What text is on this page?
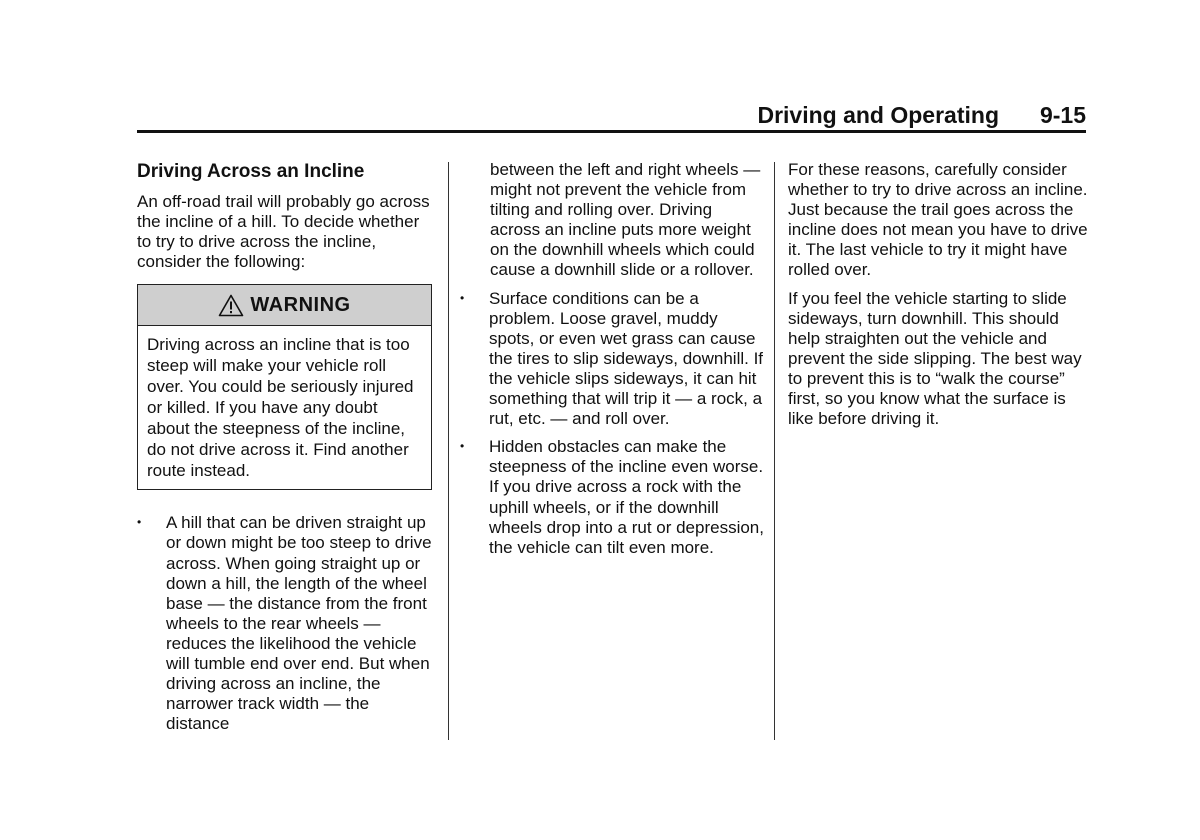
Driving and Operating 9-15
Driving Across an Incline

An off-road trail will probably go across the incline of a hill. To decide whether to try to drive across the incline, consider the following:

WARNING
Driving across an incline that is too steep will make your vehicle roll over. You could be seriously injured or killed. If you have any doubt about the steepness of the incline, do not drive across it. Find another route instead.
• A hill that can be driven straight up or down might be too steep to drive across. When going straight up or down a hill, the length of the wheel base — the distance from the front wheels to the rear wheels — reduces the likelihood the vehicle will tumble end over end. But when driving across an incline, the narrower track width — the distance

between the left and right wheels — might not prevent the vehicle from tilting and rolling over. Driving across an incline puts more weight on the downhill wheels which could cause a downhill slide or a rollover.

• Surface conditions can be a problem. Loose gravel, muddy spots, or even wet grass can cause the tires to slip sideways, downhill. If the vehicle slips sideways, it can hit something that will trip it — a rock, a rut, etc. — and roll over.
• Hidden obstacles can make the steepness of the incline even worse. If you drive across a rock with the uphill wheels, or if the downhill wheels drop into a rut or depression, the vehicle can tilt even more.

For these reasons, carefully consider whether to try to drive across an incline. Just because the trail goes across the incline does not mean you have to drive it. The last vehicle to try it might have rolled over.

If you feel the vehicle starting to slide sideways, turn downhill. This should help straighten out the vehicle and prevent the side slipping. The best way to prevent this is to “walk the course” first, so you know what the surface is like before driving it.
